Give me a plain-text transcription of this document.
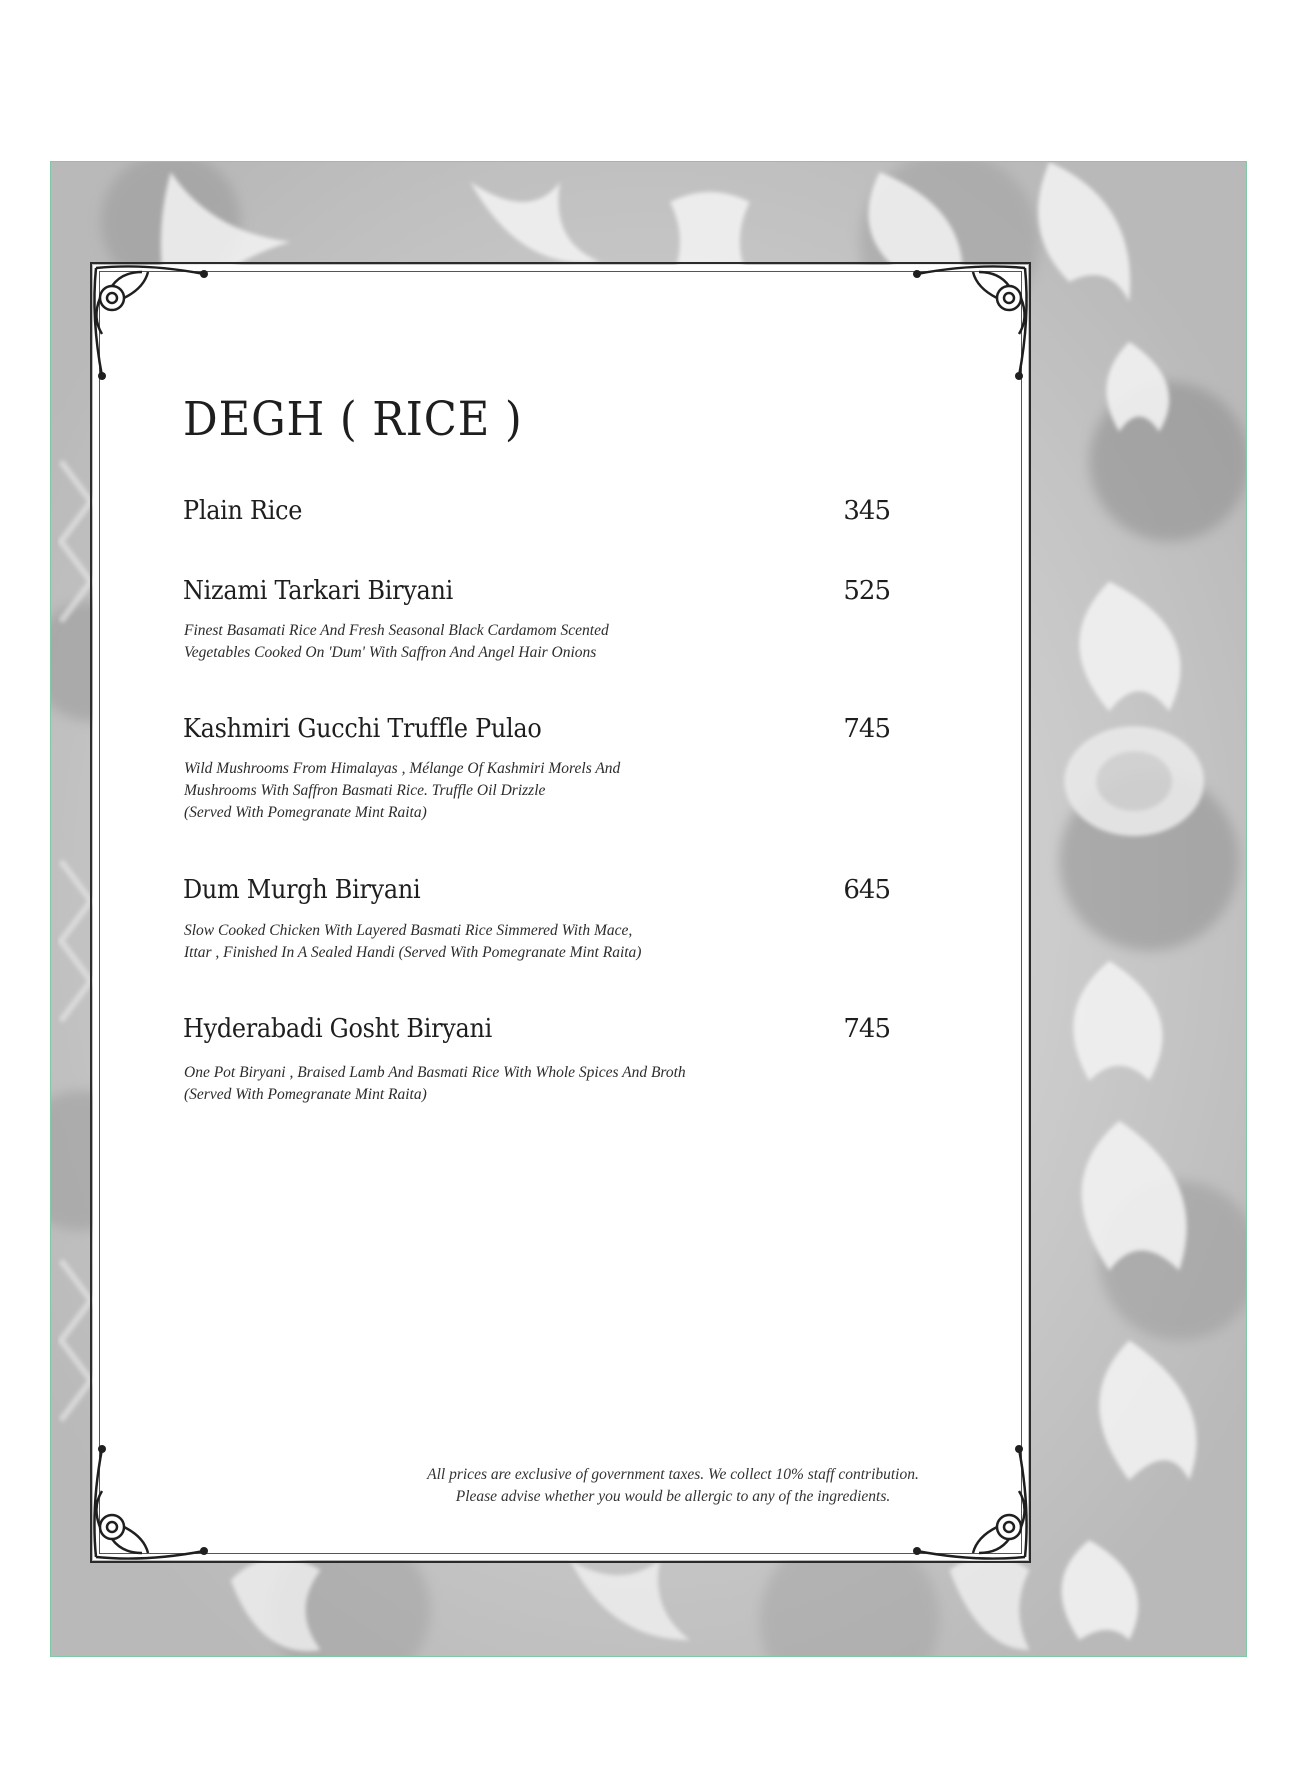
DEGH ( RICE )
Plain Rice	345
Nizami Tarkari Biryani	525
Finest Basamati Rice And Fresh Seasonal Black Cardamom Scented
Vegetables Cooked On 'Dum' With Saffron And Angel Hair Onions
Kashmiri Gucchi Truffle Pulao	745
Wild Mushrooms From Himalayas , Mélange Of Kashmiri Morels And
Mushrooms With Saffron Basmati Rice. Truffle Oil Drizzle
(Served With Pomegranate Mint Raita)
Dum Murgh Biryani	645
Slow Cooked Chicken With Layered Basmati Rice Simmered With Mace,
Ittar , Finished In A Sealed Handi (Served With Pomegranate Mint Raita)
Hyderabadi Gosht Biryani	745
One Pot Biryani , Braised Lamb And Basmati Rice With Whole Spices And Broth
(Served With Pomegranate Mint Raita)
All prices are exclusive of government taxes. We collect 10% staff contribution.
Please advise whether you would be allergic to any of the ingredients.
